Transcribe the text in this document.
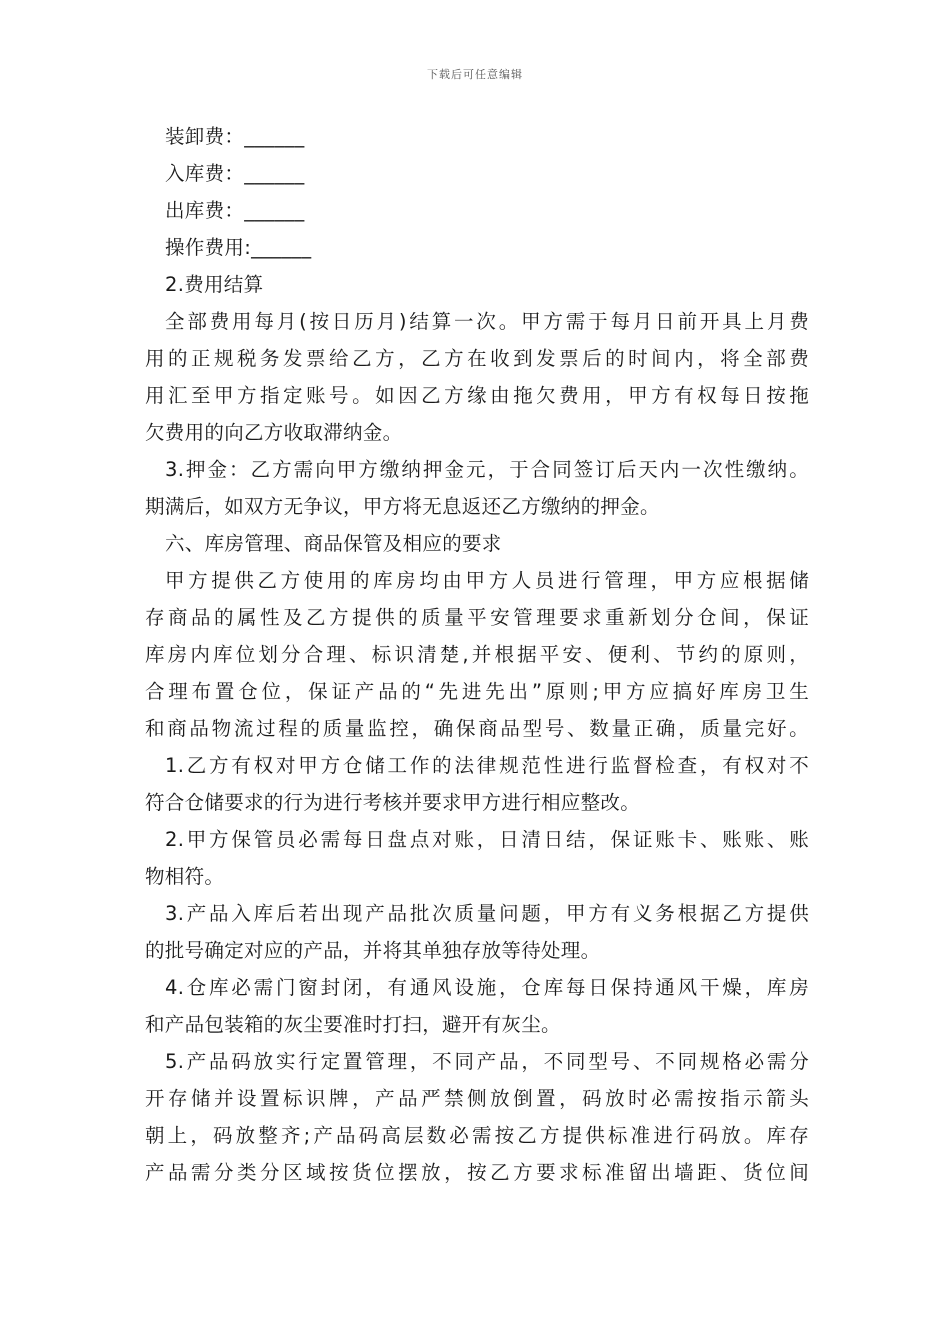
下载后可任意编辑
装卸费：______
入库费：______
出库费：______
操作费用:______
2.费用结算
全部费用每月(按日历月)结算一次。甲方需于每月日前开具上月费
用的正规税务发票给乙方，乙方在收到发票后的时间内，将全部费
用汇至甲方指定账号。如因乙方缘由拖欠费用，甲方有权每日按拖
欠费用的向乙方收取滞纳金。
3.押金：乙方需向甲方缴纳押金元，于合同签订后天内一次性缴纳。
期满后，如双方无争议，甲方将无息返还乙方缴纳的押金。
六、库房管理、商品保管及相应的要求
甲方提供乙方使用的库房均由甲方人员进行管理，甲方应根据储
存商品的属性及乙方提供的质量平安管理要求重新划分仓间，保证
库房内库位划分合理、标识清楚,并根据平安、便利、节约的原则，
合理布置仓位，保证产品的“先进先出”原则;甲方应搞好库房卫生
和商品物流过程的质量监控，确保商品型号、数量正确，质量完好。
1.乙方有权对甲方仓储工作的法律规范性进行监督检查，有权对不
符合仓储要求的行为进行考核并要求甲方进行相应整改。
2.甲方保管员必需每日盘点对账，日清日结，保证账卡、账账、账
物相符。
3.产品入库后若出现产品批次质量问题，甲方有义务根据乙方提供
的批号确定对应的产品，并将其单独存放等待处理。
4.仓库必需门窗封闭，有通风设施，仓库每日保持通风干燥，库房
和产品包装箱的灰尘要准时打扫，避开有灰尘。
5.产品码放实行定置管理，不同产品，不同型号、不同规格必需分
开存储并设置标识牌，产品严禁侧放倒置，码放时必需按指示箭头
朝上，码放整齐;产品码高层数必需按乙方提供标准进行码放。库存
产品需分类分区域按货位摆放，按乙方要求标准留出墙距、货位间
